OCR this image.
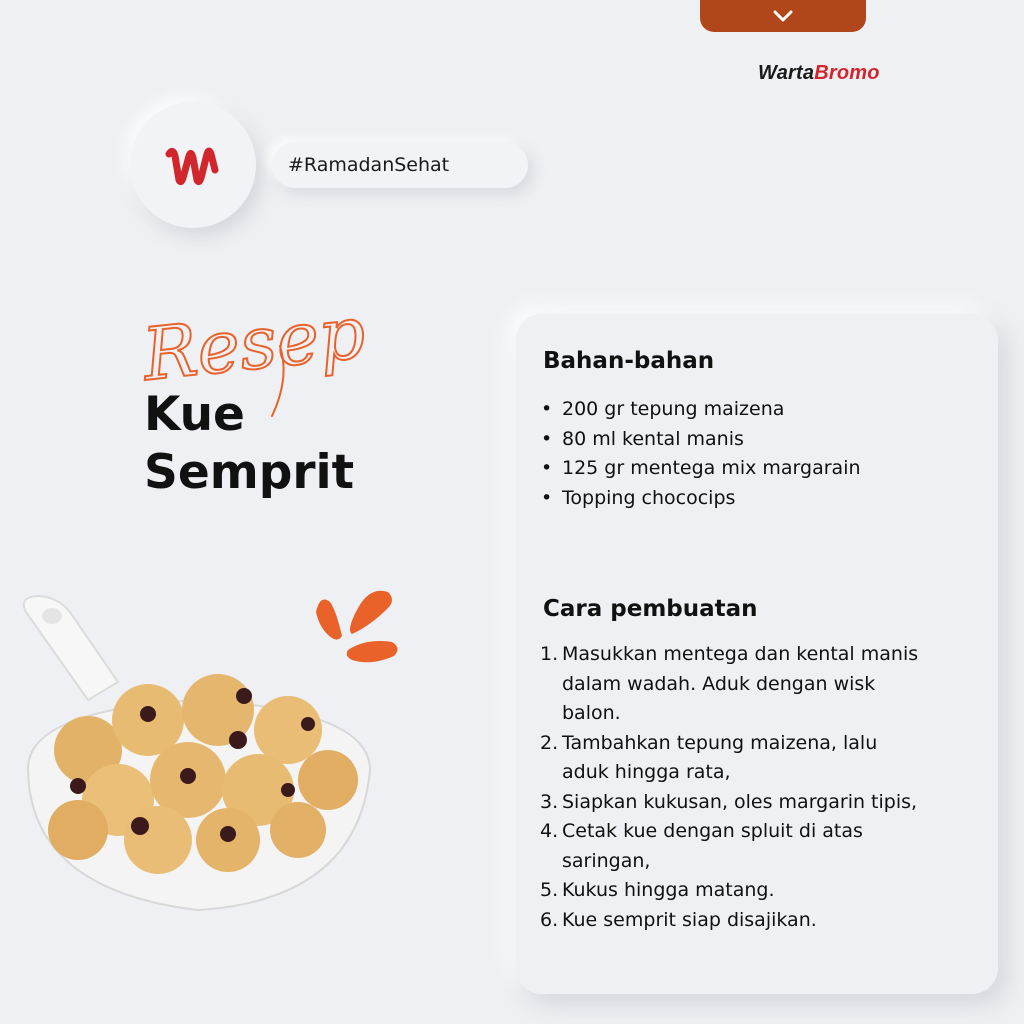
WartaBromo
#RamadanSehat
Resep
Kue
Semprit
Bahan-bahan
• 200 gr tepung maizena
• 80 ml kental manis
• 125 gr mentega mix margarain
• Topping chococips
Cara pembuatan
1. Masukkan mentega dan kental manis dalam wadah. Aduk dengan wisk balon.
2. Tambahkan tepung maizena, lalu aduk hingga rata,
3. Siapkan kukusan, oles margarin tipis,
4. Cetak kue dengan spluit di atas saringan,
5. Kukus hingga matang.
6. Kue semprit siap disajikan.
